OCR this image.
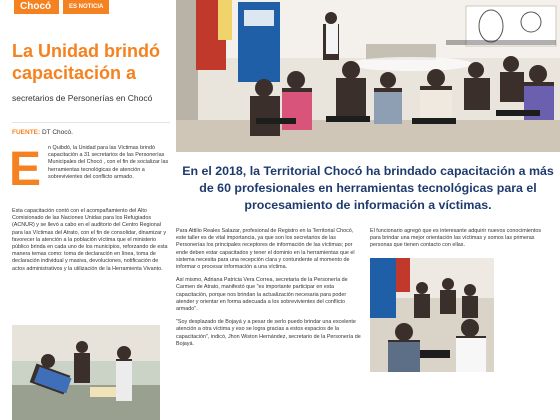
Chocó	ES NOTICIA
La Unidad brindó capacitación a
secretarios de Personerías en Chocó
FUENTE: DT Chocó.
E n Quibdó, la Unidad para las Víctimas brindó capacitación a 31 secretarios de las Personerías Municipales del Chocó , con el fin de socializar las herramientas tecnológicas de atención a sobrevivientes del conflicto armado.
Esta capacitación contó con el acompañamiento del Alto Comisionado de las Naciones Unidas para los Refugiados (ACNUR) y se llevó a cabo en el auditorio del Centro Regional para las Víctimas del Atrato, con el fin de consolidar, dinamizar y favorecer la atención a la población víctima que el ministerio público brinda en cada uno de los municipios, reforzando de esta manera temas como: toma de declaración en línea, toma de declaración individual y masiva, devoluciones, notificación de actos administrativos y la utilización de la Herramienta Vivanto.
En el 2018, la Territorial Chocó ha brindado capacitación a más de 60 profesionales en herramientas tecnológicas para el procesamiento de información a víctimas.

Para Attilio Reales Salazar, profesional de Registro en la Territorial Chocó, este taller es de vital importancia, ya que son los secretarios de las Personerías los principales receptores de información de las víctimas; por ende deben estar capacitados y tener el dominio en la herramientas que el sistema necesita para una recepción clara y contundente al momento de informar o procesar información a una víctima.

Así mismo, Adriana Patricia Vera Correa, secretaria de la Personería de Carmen de Atrato, manifestó que "es importante participar en esta capacitación, porque nos brindan la actualización necesaria para poder atender y orientar en forma adecuada a los sobrevivientes del conflicto armado".

"Soy desplazado de Bojayá y a pesar de serlo puedo brindar una excelente atención a otra víctima y eso se logra gracias a estos espacios de la capacitación", indicó, Jhon Wiston Hernández, secretario de la Personería de Bojayá.

El funcionario agregó que es interesante adquirir nuevos conocimientos para brindar una mejor orientación las víctimas y somos las primeras personas que tienen contacto con ellas.
